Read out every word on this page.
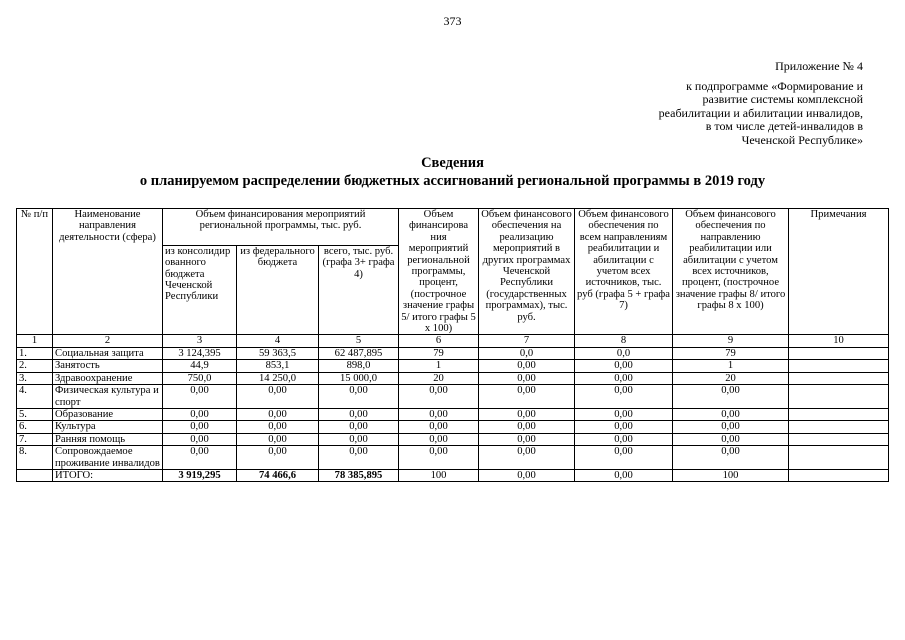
373
Приложение № 4
к подпрограмме «Формирование и
развитие системы комплексной
реабилитации и абилитации инвалидов,
в том числе детей-инвалидов в
Чеченской Республике»
Сведения
о планируемом распределении бюджетных ассигнований региональной программы в 2019 году
№ п/п	Наименование направления деятельности (сфера)	Объем финансирования мероприятий региональной программы, тыс. руб.			Объем финансирова ния мероприятий региональной программы, процент, (построчное значение графы 5/ итого графы 5 х 100)	Объем финансового обеспечения на реализацию мероприятий в других программах Чеченской Республики (государственных программах), тыс. руб.	Объем финансового обеспечения по всем направлениям реабилитации и абилитации с учетом всех источников, тыс. руб (графа 5 + графа 7)	Объем финансового обеспечения по направлению реабилитации или абилитации с учетом всех источников, процент, (построчное значение графы 8/ итого графы 8 х 100)	Примечания
		из консолидир ованного бюджета Чеченской Республики	из федерального бюджета	всего, тыс. руб. (графа 3+ графа 4)					
1	2	3	4	5	6	7	8	9	10
1.	Социальная защита	3 124,395	59 363,5	62 487,895	79	0,0	0,0	79	
2.	Занятость	44,9	853,1	898,0	1	0,00	0,00	1	
3.	Здравоохранение	750,0	14 250,0	15 000,0	20	0,00	0,00	20	
4.	Физическая культура и спорт	0,00	0,00	0,00	0,00	0,00	0,00	0,00	
5.	Образование	0,00	0,00	0,00	0,00	0,00	0,00	0,00	
6.	Культура	0,00	0,00	0,00	0,00	0,00	0,00	0,00	
7.	Ранняя помощь	0,00	0,00	0,00	0,00	0,00	0,00	0,00	
8.	Сопровождаемое проживание инвалидов	0,00	0,00	0,00	0,00	0,00	0,00	0,00	
	ИТОГО:	3 919,295	74 466,6	78 385,895	100	0,00	0,00	100	
